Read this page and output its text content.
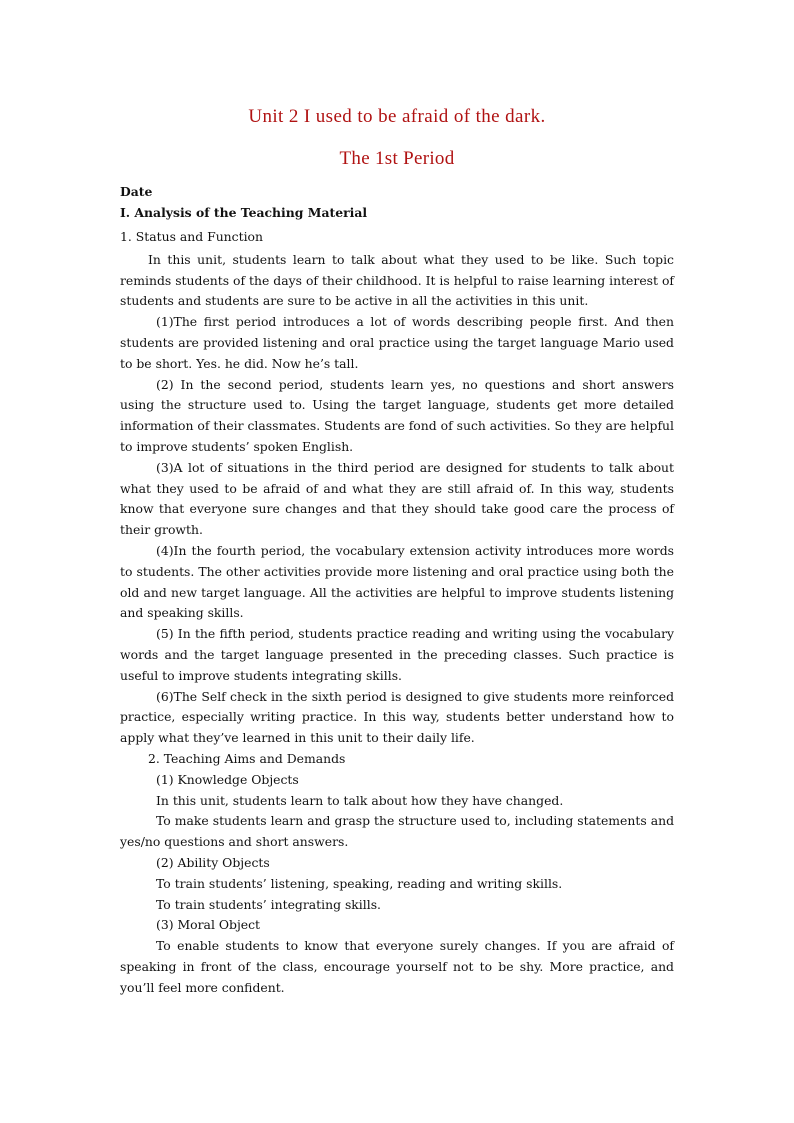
Unit 2 I used to be afraid of the dark.
The 1st Period
Date
Ⅰ. Analysis of the Teaching Material
1. Status and Function

In this unit, students learn to talk about what they used to be like. Such topic reminds students of the days of their childhood. It is helpful to raise learning interest of students and students are sure to be active in all the activities in this unit.

(1)The first period introduces a lot of words describing people first. And then students are provided listening and oral practice using the target language Mario used to be short. Yes. he did. Now he’s tall.

(2) In the second period, students learn yes, no questions and short answers using the structure used to. Using the target language, students get more detailed information of their classmates. Students are fond of such activities. So they are helpful to improve students’ spoken English.

(3)A lot of situations in the third period are designed for students to talk about what they used to be afraid of and what they are still afraid of. In this way, students know that everyone sure changes and that they should take good care the process of their growth.

(4)In the fourth period, the vocabulary extension activity introduces more words to students. The other activities provide more listening and oral practice using both the old and new target language. All the activities are helpful to improve students listening and speaking skills.

(5) In the fifth period, students practice reading and writing using the vocabulary words and the target language presented in the preceding classes. Such practice is useful to improve students integrating skills.

(6)The Self check in the sixth period is designed to give students more reinforced practice, especially writing practice. In this way, students better understand how to apply what they’ve learned in this unit to their daily life.

2. Teaching Aims and Demands
(1) Knowledge Objects
In this unit, students learn to talk about how they have changed.

To make students learn and grasp the structure used to, including statements and yes/no questions and short answers.

(2) Ability Objects
To train students’ listening, speaking, reading and writing skills.
To train students’ integrating skills.
(3) Moral Object

To enable students to know that everyone surely changes. If you are afraid of speaking in front of the class, encourage yourself not to be shy. More practice, and you’ll feel more confident.
